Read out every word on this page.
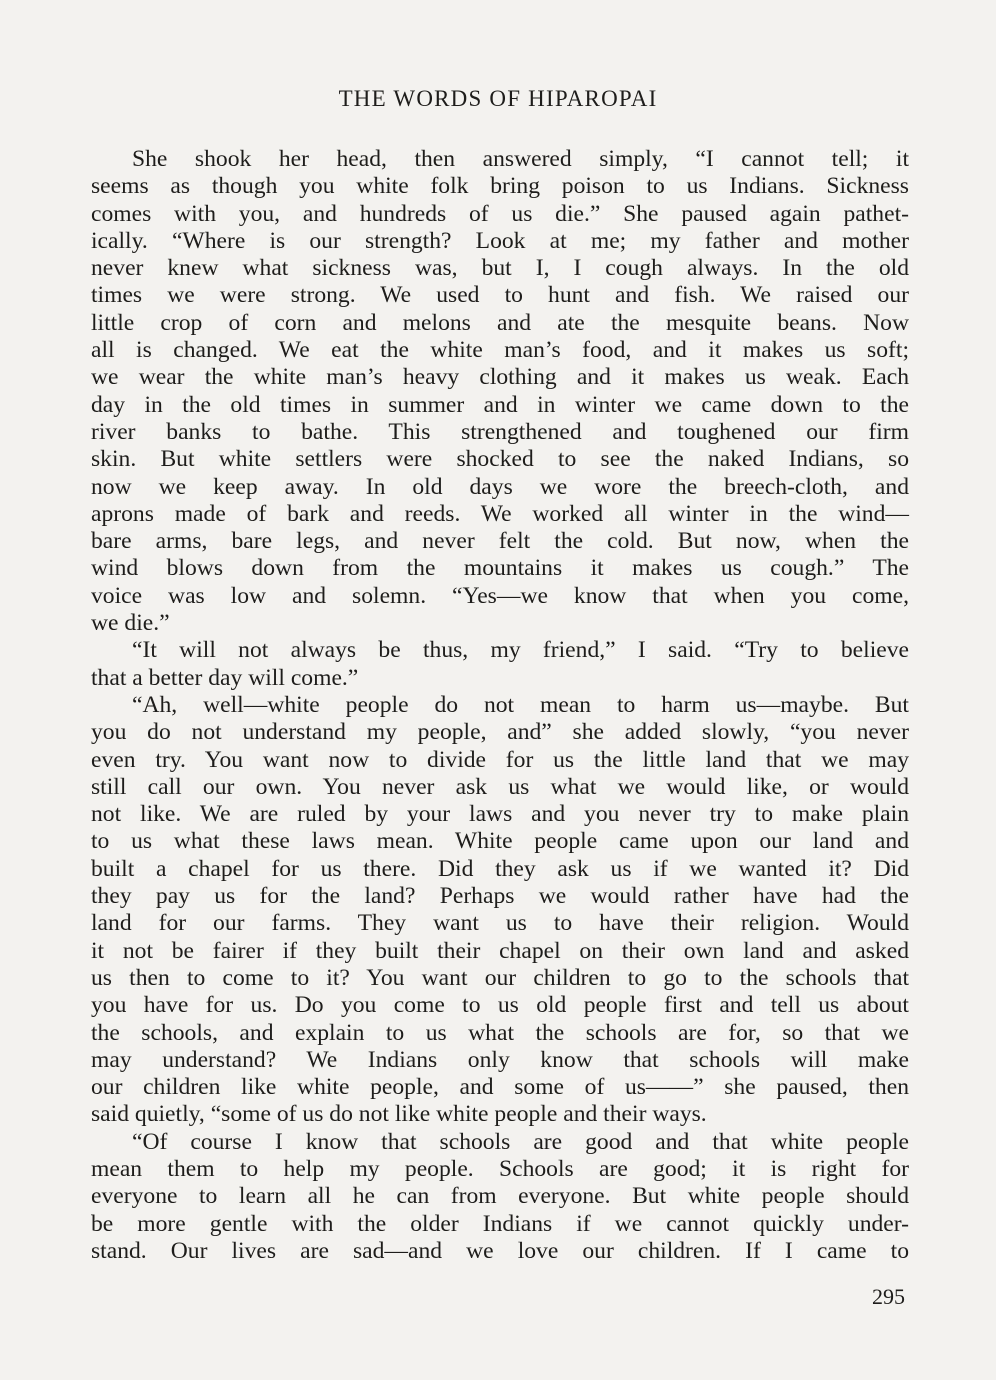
THE WORDS OF HIPAROPAI
She shook her head, then answered simply, “I cannot tell; it
seems as though you white folk bring poison to us Indians. Sickness
comes with you, and hundreds of us die.” She paused again pathet-
ically. “Where is our strength? Look at me; my father and mother
never knew what sickness was, but I, I cough always. In the old
times we were strong. We used to hunt and fish. We raised our
little crop of corn and melons and ate the mesquite beans. Now
all is changed. We eat the white man’s food, and it makes us soft;
we wear the white man’s heavy clothing and it makes us weak. Each
day in the old times in summer and in winter we came down to the
river banks to bathe. This strengthened and toughened our firm
skin. But white settlers were shocked to see the naked Indians, so
now we keep away. In old days we wore the breech-cloth, and
aprons made of bark and reeds. We worked all winter in the wind—
bare arms, bare legs, and never felt the cold. But now, when the
wind blows down from the mountains it makes us cough.” The
voice was low and solemn. “Yes—we know that when you come,
we die.”
“It will not always be thus, my friend,” I said. “Try to believe
that a better day will come.”
“Ah, well—white people do not mean to harm us—maybe. But
you do not understand my people, and” she added slowly, “you never
even try. You want now to divide for us the little land that we may
still call our own. You never ask us what we would like, or would
not like. We are ruled by your laws and you never try to make plain
to us what these laws mean. White people came upon our land and
built a chapel for us there. Did they ask us if we wanted it? Did
they pay us for the land? Perhaps we would rather have had the
land for our farms. They want us to have their religion. Would
it not be fairer if they built their chapel on their own land and asked
us then to come to it? You want our children to go to the schools that
you have for us. Do you come to us old people first and tell us about
the schools, and explain to us what the schools are for, so that we
may understand? We Indians only know that schools will make
our children like white people, and some of us——” she paused, then
said quietly, “some of us do not like white people and their ways.
“Of course I know that schools are good and that white people
mean them to help my people. Schools are good; it is right for
everyone to learn all he can from everyone. But white people should
be more gentle with the older Indians if we cannot quickly under-
stand. Our lives are sad—and we love our children. If I came to
295
